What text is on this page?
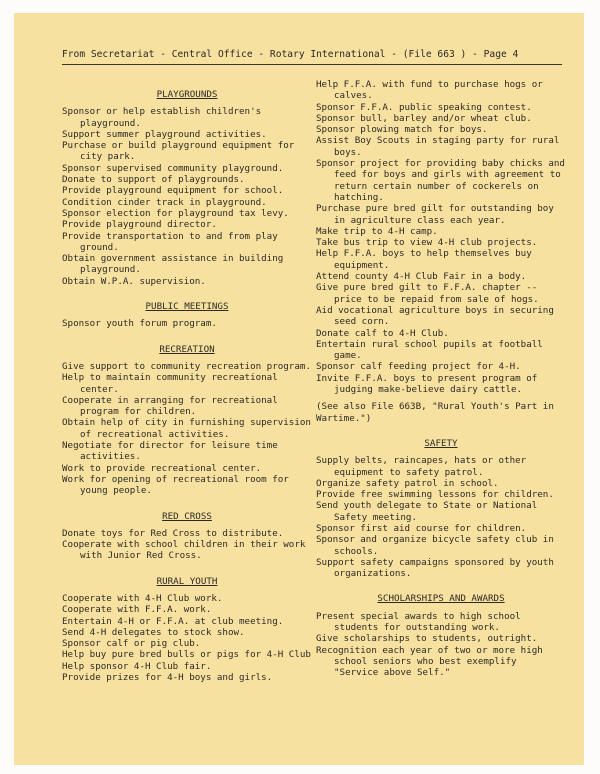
From Secretariat - Central Office - Rotary International - (File 663 ) - Page 4
PLAYGROUNDS

Sponsor or help establish children's playground.

Support summer playground activities.

Purchase or build playground equipment for city park.

Sponsor supervised community playground.

Donate to support of playgrounds.

Provide playground equipment for school.

Condition cinder track in playground.

Sponsor election for playground tax levy.

Provide playground director.

Provide transportation to and from play ground.

Obtain government assistance in building playground.

Obtain W.P.A. supervision.

PUBLIC MEETINGS

Sponsor youth forum program.

RECREATION

Give support to community recreation program.

Help to maintain community recreational center.

Cooperate in arranging for recreational program for children.

Obtain help of city in furnishing supervision of recreational activities.

Negotiate for director for leisure time activities.

Work to provide recreational center.

Work for opening of recreational room for young people.

RED CROSS

Donate toys for Red Cross to distribute.

Cooperate with school children in their work with Junior Red Cross.

RURAL YOUTH

Cooperate with 4-H Club work.

Cooperate with F.F.A. work.

Entertain 4-H or F.F.A. at club meeting.

Send 4-H delegates to stock show.

Sponsor calf or pig club.

Help buy pure bred bulls or pigs for 4-H Club

Help sponsor 4-H Club fair.

Provide prizes for 4-H boys and girls.

Help F.F.A. with fund to purchase hogs or calves.

Sponsor F.F.A. public speaking contest.

Sponsor bull, barley and/or wheat club.

Sponsor plowing match for boys.

Assist Boy Scouts in staging party for rural boys.

Sponsor project for providing baby chicks and feed for boys and girls with agreement to return certain number of cockerels on hatching.

Purchase pure bred gilt for outstanding boy in agriculture class each year.

Make trip to 4-H camp.

Take bus trip to view 4-H club projects.

Help F.F.A. boys to help themselves buy equipment.

Attend county 4-H Club Fair in a body.

Give pure bred gilt to F.F.A. chapter -- price to be repaid from sale of hogs.

Aid vocational agriculture boys in securing seed corn.

Donate calf to 4-H Club.

Entertain rural school pupils at football game.

Sponsor calf feeding project for 4-H.

Invite F.F.A. boys to present program of judging make-believe dairy cattle.

(See also File 663B, "Rural Youth's Part in Wartime.")

SAFETY

Supply belts, raincapes, hats or other equipment to safety patrol.

Organize safety patrol in school.

Provide free swimming lessons for children.

Send youth delegate to State or National Safety meeting.

Sponsor first aid course for children.

Sponsor and organize bicycle safety club in schools.

Support safety campaigns sponsored by youth organizations.

SCHOLARSHIPS AND AWARDS

Present special awards to high school students for outstanding work.

Give scholarships to students, outright.

Recognition each year of two or more high school seniors who best exemplify "Service above Self."
